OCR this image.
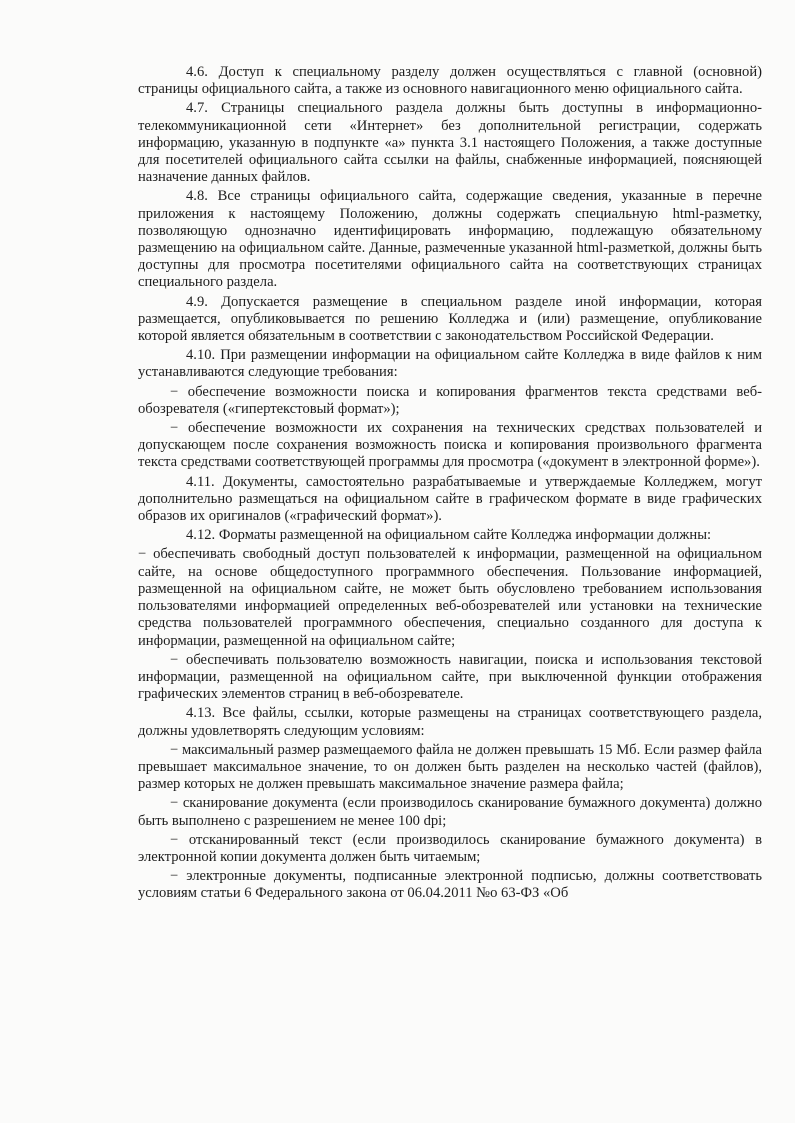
4.6. Доступ к специальному разделу должен осуществляться с главной (основной) страницы официального сайта, а также из основного навигационного меню официального сайта.

4.7. Страницы специального раздела должны быть доступны в информационно-телекоммуникационной сети «Интернет» без дополнительной регистрации, содержать информацию, указанную в подпункте «а» пункта 3.1 настоящего Положения, а также доступные для посетителей официального сайта ссылки на файлы, снабженные информацией, поясняющей назначение данных файлов.

4.8. Все страницы официального сайта, содержащие сведения, указанные в перечне приложения к настоящему Положению, должны содержать специальную html-разметку, позволяющую однозначно идентифицировать информацию, подлежащую обязательному размещению на официальном сайте. Данные, размеченные указанной html-разметкой, должны быть доступны для просмотра посетителями официального сайта на соответствующих страницах специального раздела.

4.9. Допускается размещение в специальном разделе иной информации, которая размещается, опубликовывается по решению Колледжа и (или) размещение, опубликование которой является обязательным в соответствии с законодательством Российской Федерации.

4.10. При размещении информации на официальном сайте Колледжа в виде файлов к ним устанавливаются следующие требования:

− обеспечение возможности поиска и копирования фрагментов текста средствами веб-обозревателя («гипертекстовый формат»);

− обеспечение возможности их сохранения на технических средствах пользователей и допускающем после сохранения возможность поиска и копирования произвольного фрагмента текста средствами соответствующей программы для просмотра («документ в электронной форме»).

4.11. Документы, самостоятельно разрабатываемые и утверждаемые Колледжем, могут дополнительно размещаться на официальном сайте в графическом формате в виде графических образов их оригиналов («графический формат»).

4.12. Форматы размещенной на официальном сайте Колледжа информации должны:

− обеспечивать свободный доступ пользователей к информации, размещенной на официальном сайте, на основе общедоступного программного обеспечения. Пользование информацией, размещенной на официальном сайте, не может быть обусловлено требованием использования пользователями информацией определенных веб-обозревателей или установки на технические средства пользователей программного обеспечения, специально созданного для доступа к информации, размещенной на официальном сайте;

− обеспечивать пользователю возможность навигации, поиска и использования текстовой информации, размещенной на официальном сайте, при выключенной функции отображения графических элементов страниц в веб-обозревателе.

4.13. Все файлы, ссылки, которые размещены на страницах соответствующего раздела, должны удовлетворять следующим условиям:

− максимальный размер размещаемого файла не должен превышать 15 Мб. Если размер файла превышает максимальное значение, то он должен быть разделен на несколько частей (файлов), размер которых не должен превышать максимальное значение размера файла;

− сканирование документа (если производилось сканирование бумажного документа) должно быть выполнено с разрешением не менее 100 dpi;

− отсканированный текст (если производилось сканирование бумажного документа) в электронной копии документа должен быть читаемым;

− электронные документы, подписанные электронной подписью, должны соответствовать условиям статьи 6 Федерального закона от 06.04.2011 №о 63-ФЗ «Об
